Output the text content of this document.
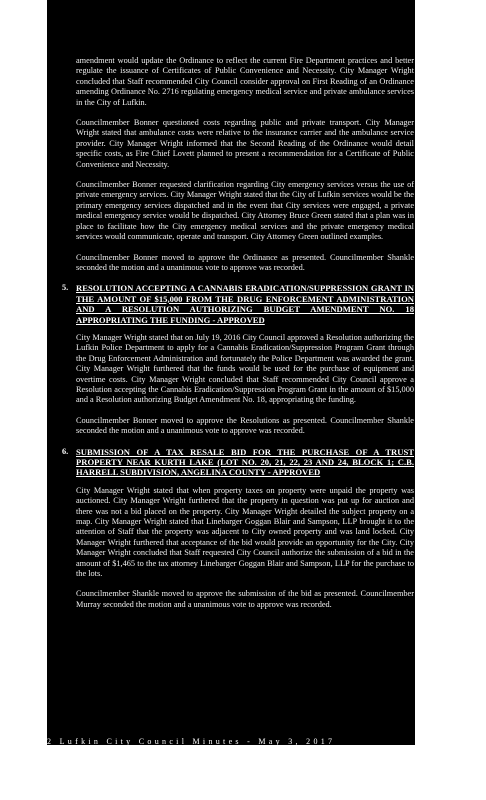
amendment would update the Ordinance to reflect the current Fire Department practices and better regulate the issuance of Certificates of Public Convenience and Necessity. City Manager Wright concluded that Staff recommended City Council consider approval on First Reading of an Ordinance amending Ordinance No. 2716 regulating emergency medical service and private ambulance services in the City of Lufkin.

Councilmember Bonner questioned costs regarding public and private transport. City Manager Wright stated that ambulance costs were relative to the insurance carrier and the ambulance service provider. City Manager Wright informed that the Second Reading of the Ordinance would detail specific costs, as Fire Chief Lovett planned to present a recommendation for a Certificate of Public Convenience and Necessity.

Councilmember Bonner requested clarification regarding City emergency services versus the use of private emergency services. City Manager Wright stated that the City of Lufkin services would be the primary emergency services dispatched and in the event that City services were engaged, a private medical emergency service would be dispatched. City Attorney Bruce Green stated that a plan was in place to facilitate how the City emergency medical services and the private emergency medical services would communicate, operate and transport. City Attorney Green outlined examples.

Councilmember Bonner moved to approve the Ordinance as presented. Councilmember Shankle seconded the motion and a unanimous vote to approve was recorded.

5. RESOLUTION ACCEPTING A CANNABIS ERADICATION/SUPPRESSION GRANT IN THE AMOUNT OF $15,000 FROM THE DRUG ENFORCEMENT ADMINISTRATION AND A RESOLUTION AUTHORIZING BUDGET AMENDMENT NO. 18 APPROPRIATING THE FUNDING - APPROVED

City Manager Wright stated that on July 19, 2016 City Council approved a Resolution authorizing the Lufkin Police Department to apply for a Cannabis Eradication/Suppression Program Grant through the Drug Enforcement Administration and fortunately the Police Department was awarded the grant. City Manager Wright furthered that the funds would be used for the purchase of equipment and overtime costs. City Manager Wright concluded that Staff recommended City Council approve a Resolution accepting the Cannabis Eradication/Suppression Program Grant in the amount of $15,000 and a Resolution authorizing Budget Amendment No. 18, appropriating the funding.

Councilmember Bonner moved to approve the Resolutions as presented. Councilmember Shankle seconded the motion and a unanimous vote to approve was recorded.

6. SUBMISSION OF A TAX RESALE BID FOR THE PURCHASE OF A TRUST PROPERTY NEAR KURTH LAKE (LOT NO. 20, 21, 22, 23 AND 24, BLOCK 1; C.B. HARRELL SUBDIVISION, ANGELINA COUNTY - APPROVED

City Manager Wright stated that when property taxes on property were unpaid the property was auctioned. City Manager Wright furthered that the property in question was put up for auction and there was not a bid placed on the property. City Manager Wright detailed the subject property on a map. City Manager Wright stated that Linebarger Goggan Blair and Sampson, LLP brought it to the attention of Staff that the property was adjacent to City owned property and was land locked. City Manager Wright furthered that acceptance of the bid would provide an opportunity for the City. City Manager Wright concluded that Staff requested City Council authorize the submission of a bid in the amount of $1,465 to the tax attorney Linebarger Goggan Blair and Sampson, LLP for the purchase to the lots.

Councilmember Shankle moved to approve the submission of the bid as presented. Councilmember Murray seconded the motion and a unanimous vote to approve was recorded.

2 Lufkin City Council Minutes - May 3, 2017
